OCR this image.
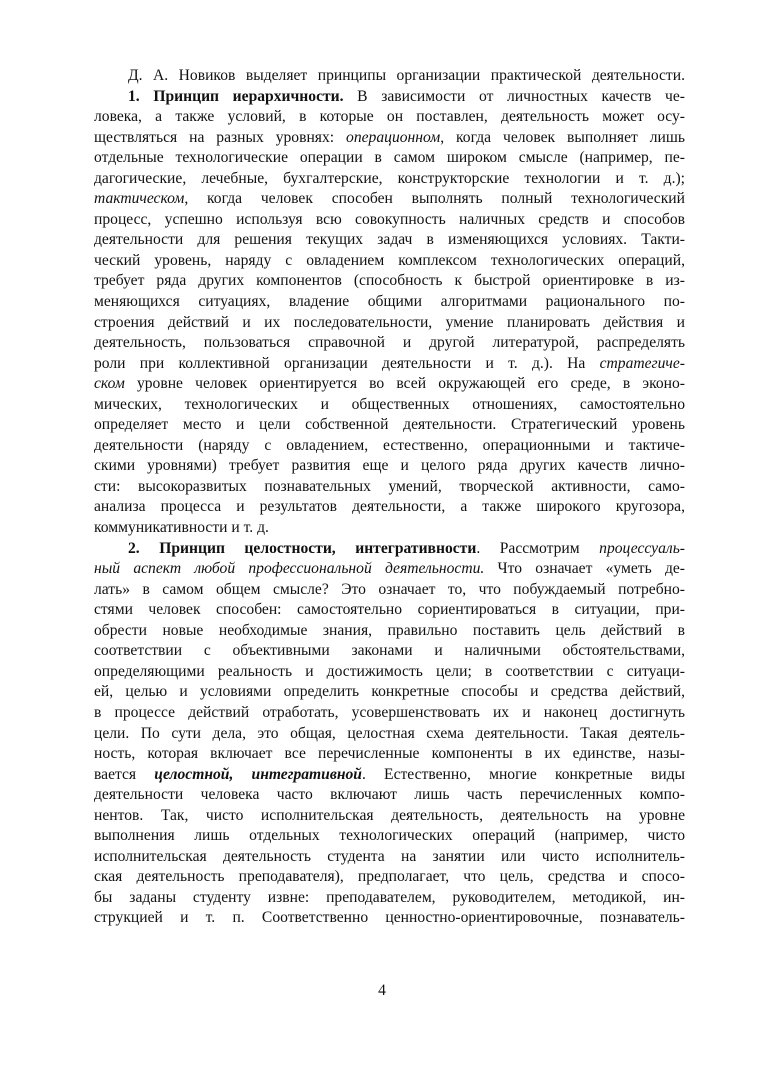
Д. А. Новиков выделяет принципы организации практической деятельности.

1. Принцип иерархичности. В зависимости от личностных качеств че-
ловека, а также условий, в которые он поставлен, деятельность может осу-
ществляться на разных уровнях: операционном, когда человек выполняет лишь
отдельные технологические операции в самом широком смысле (например, пе-
дагогические, лечебные, бухгалтерские, конструкторские технологии и т. д.);
тактическом, когда человек способен выполнять полный технологический
процесс, успешно используя всю совокупность наличных средств и способов
деятельности для решения текущих задач в изменяющихся условиях. Такти-
ческий уровень, наряду с овладением комплексом технологических операций,
требует ряда других компонентов (способность к быстрой ориентировке в из-
меняющихся ситуациях, владение общими алгоритмами рационального по-
строения действий и их последовательности, умение планировать действия и
деятельность, пользоваться справочной и другой литературой, распределять
роли при коллективной организации деятельности и т. д.). На стратегиче-
ском уровне человек ориентируется во всей окружающей его среде, в эконо-
мических, технологических и общественных отношениях, самостоятельно
определяет место и цели собственной деятельности. Стратегический уровень
деятельности (наряду с овладением, естественно, операционными и тактиче-
скими уровнями) требует развития еще и целого ряда других качеств лично-
сти: высокоразвитых познавательных умений, творческой активности, само-
анализа процесса и результатов деятельности, а также широкого кругозора,
коммуникативности и т. д.

2. Принцип целостности, интегративности. Рассмотрим процессуаль-
ный аспект любой профессиональной деятельности. Что означает «уметь де-
лать» в самом общем смысле? Это означает то, что побуждаемый потребно-
стями человек способен: самостоятельно сориентироваться в ситуации, при-
обрести новые необходимые знания, правильно поставить цель действий в
соответствии с объективными законами и наличными обстоятельствами,
определяющими реальность и достижимость цели; в соответствии с ситуаци-
ей, целью и условиями определить конкретные способы и средства действий,
в процессе действий отработать, усовершенствовать их и наконец достигнуть
цели. По сути дела, это общая, целостная схема деятельности. Такая деятель-
ность, которая включает все перечисленные компоненты в их единстве, назы-
вается целостной, интегративной. Естественно, многие конкретные виды
деятельности человека часто включают лишь часть перечисленных компо-
нентов. Так, чисто исполнительская деятельность, деятельность на уровне
выполнения лишь отдельных технологических операций (например, чисто
исполнительская деятельность студента на занятии или чисто исполнитель-
ская деятельность преподавателя), предполагает, что цель, средства и спосо-
бы заданы студенту извне: преподавателем, руководителем, методикой, ин-
струкцией и т. п. Соответственно ценностно-ориентировочные, познаватель-

4
